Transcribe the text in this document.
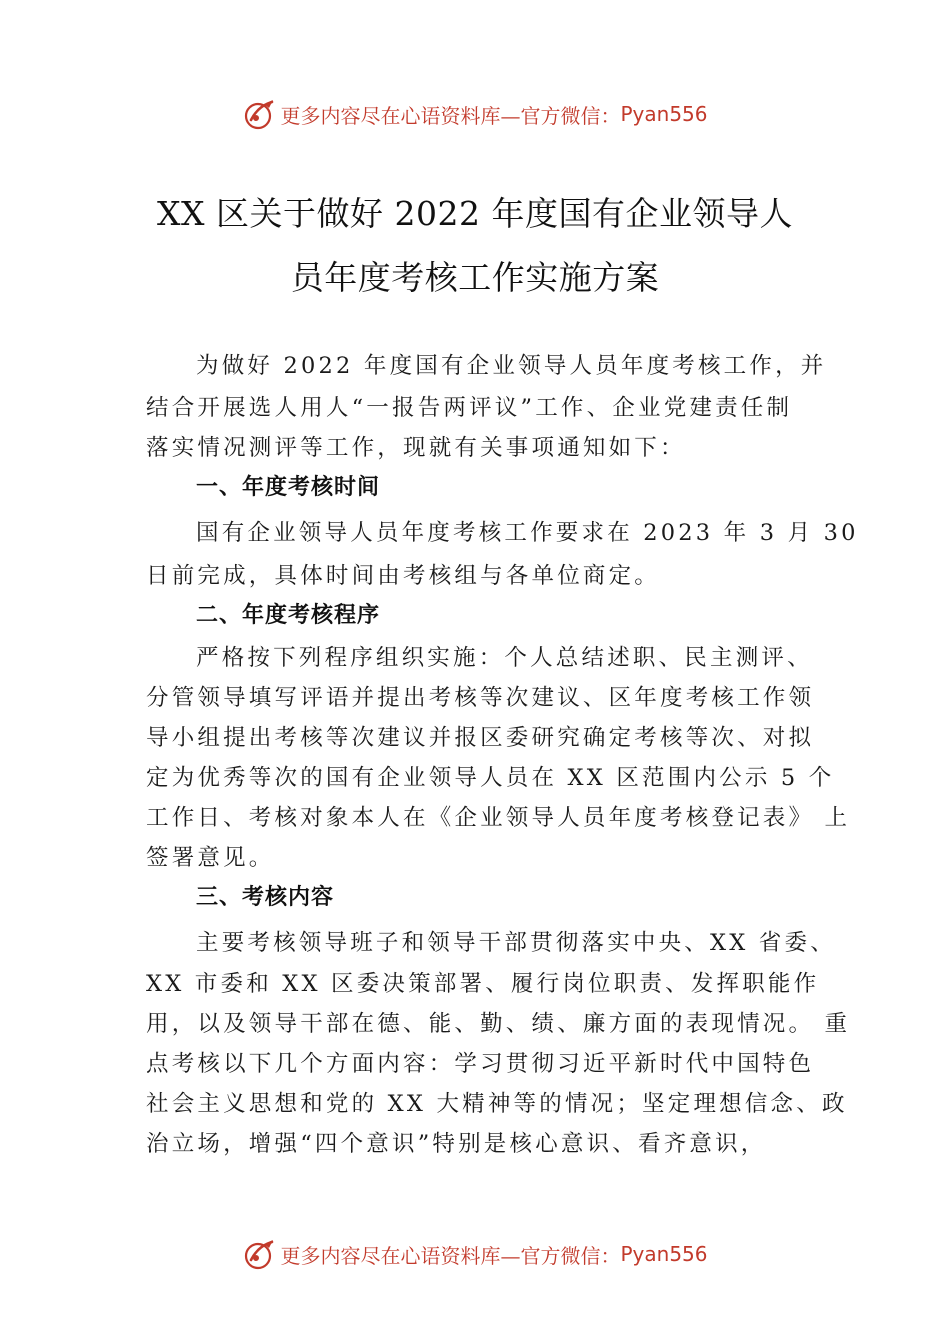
更多内容尽在心语资料库—官方微信： Pyan556
XX 区关于做好 2022 年度国有企业领导人
员年度考核工作实施方案
为做好 2022 年度国有企业领导人员年度考核工作，并
结合开展选人用人“一报告两评议”工作、企业党建责任制
落实情况测评等工作，现就有关事项通知如下：
一、年度考核时间
国有企业领导人员年度考核工作要求在 2023 年 3 月 30
日前完成，具体时间由考核组与各单位商定。
二、年度考核程序
严格按下列程序组织实施：个人总结述职、民主测评、
分管领导填写评语并提出考核等次建议、区年度考核工作领
导小组提出考核等次建议并报区委研究确定考核等次、对拟
定为优秀等次的国有企业领导人员在 XX 区范围内公示 5 个
工作日、考核对象本人在《企业领导人员年度考核登记表》 上
签署意见。
三、考核内容
主要考核领导班子和领导干部贯彻落实中央、XX 省委、
XX 市委和 XX 区委决策部署、履行岗位职责、发挥职能作
用，以及领导干部在德、能、勤、绩、廉方面的表现情况。 重
点考核以下几个方面内容：学习贯彻习近平新时代中国特色
社会主义思想和党的 XX 大精神等的情况；坚定理想信念、政
治立场，增强“四个意识”特别是核心意识、看齐意识，
更多内容尽在心语资料库—官方微信： Pyan556
